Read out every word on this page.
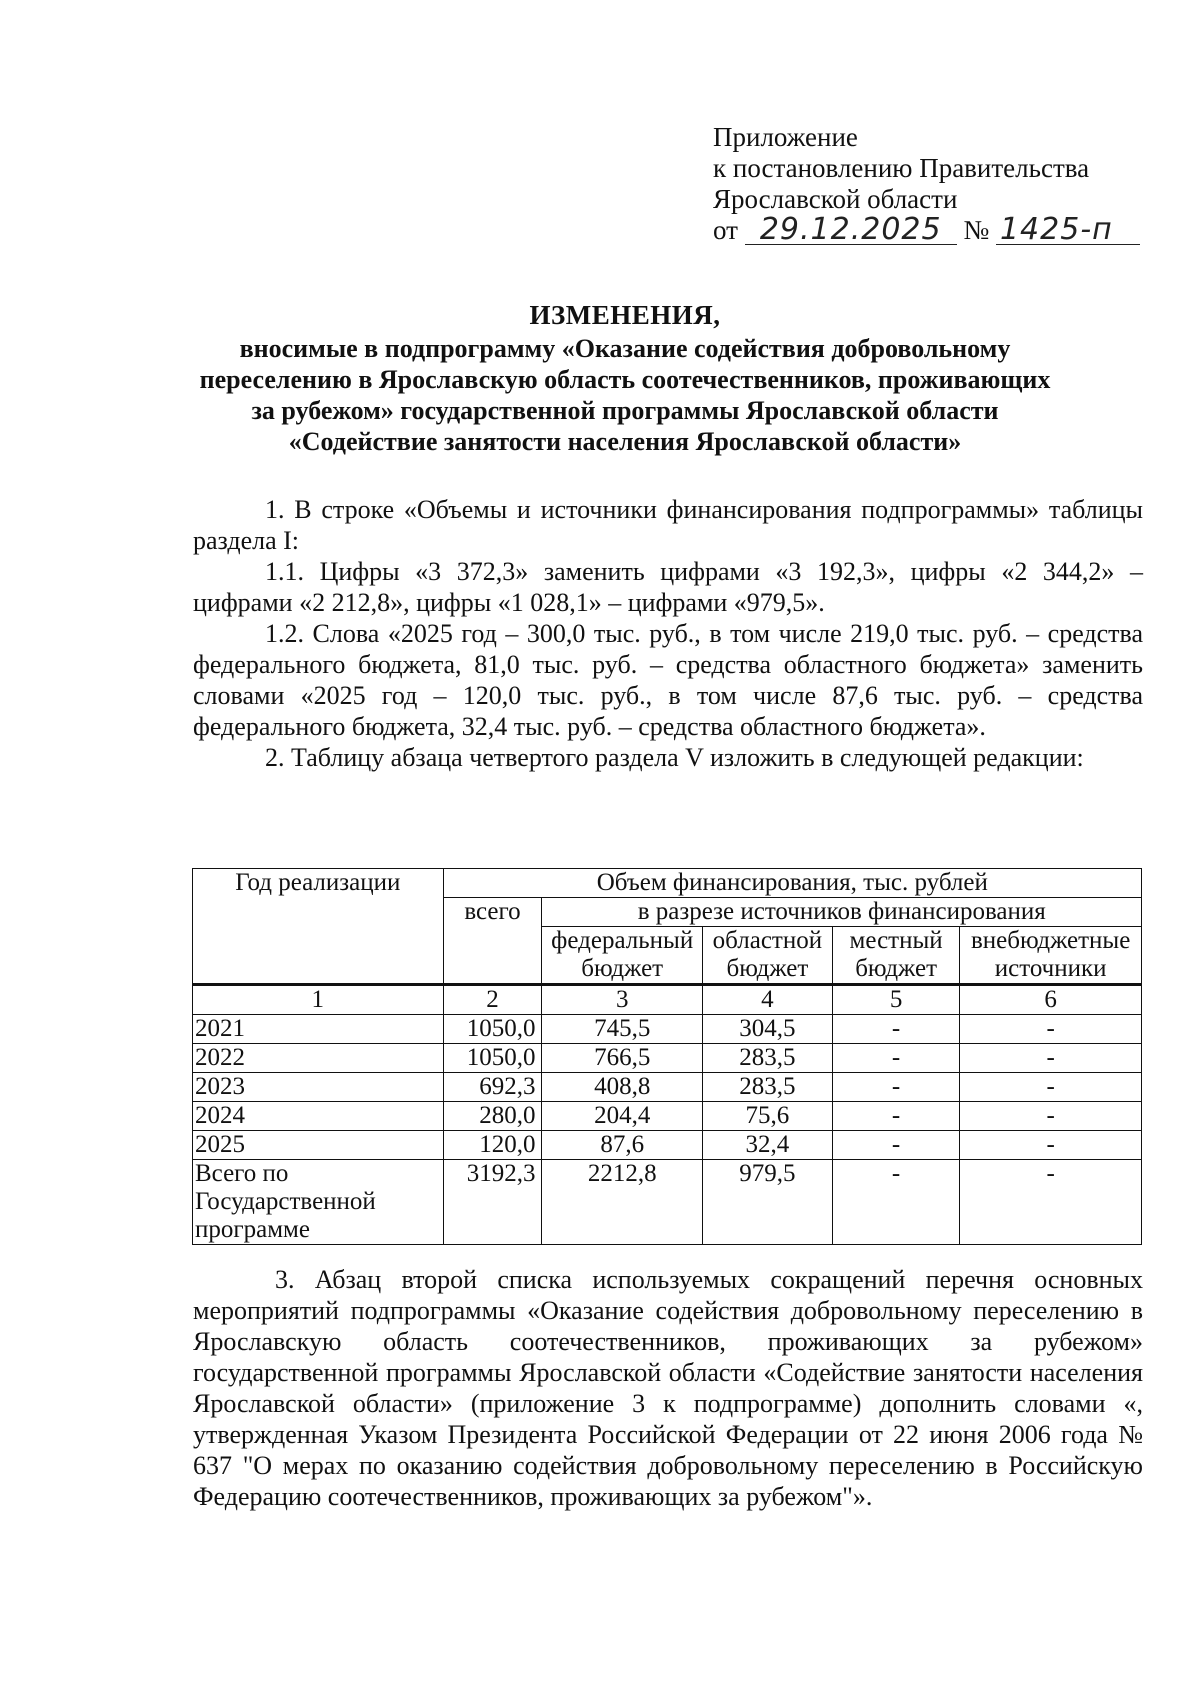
Приложение
к постановлению Правительства
Ярославской области
от 29.12.2025 № 1425-п
ИЗМЕНЕНИЯ,
вносимые в подпрограмму «Оказание содействия добровольному
переселению в Ярославскую область соотечественников, проживающих
за рубежом» государственной программы Ярославской области
«Содействие занятости населения Ярославской области»

1. В строке «Объемы и источники финансирования подпрограммы» таблицы раздела I:

1.1. Цифры «3 372,3» заменить цифрами «3 192,3», цифры «2 344,2» – цифрами «2 212,8», цифры «1 028,1» – цифрами «979,5».

1.2. Слова «2025 год – 300,0 тыс. руб., в том числе 219,0 тыс. руб. – средства федерального бюджета, 81,0 тыс. руб. – средства областного бюджета» заменить словами «2025 год – 120,0 тыс. руб., в том числе 87,6 тыс. руб. – средства федерального бюджета, 32,4 тыс. руб. – средства областного бюджета».

2. Таблицу абзаца четвертого раздела V изложить в следующей редакции:

Год реализации	Объем финансирования, тыс. рублей				
	всего	в разрезе источников финансирования			
		федеральный бюджет	областной бюджет	местный бюджет	внебюджетные источники
1	2	3	4	5	6
2021	1050,0	745,5	304,5	-	-
2022	1050,0	766,5	283,5	-	-
2023	692,3	408,8	283,5	-	-
2024	280,0	204,4	75,6	-	-
2025	120,0	87,6	32,4	-	-
Всего по Государственной программе	3192,3	2212,8	979,5	-	-

3. Абзац второй списка используемых сокращений перечня основных мероприятий подпрограммы «Оказание содействия добровольному переселению в Ярославскую область соотечественников, проживающих за рубежом» государственной программы Ярославской области «Содействие занятости населения Ярославской области» (приложение 3 к подпрограмме) дополнить словами «, утвержденная Указом Президента Российской Федерации от 22 июня 2006 года № 637 "О мерах по оказанию содействия добровольному переселению в Российскую Федерацию соотечественников, проживающих за рубежом"».
